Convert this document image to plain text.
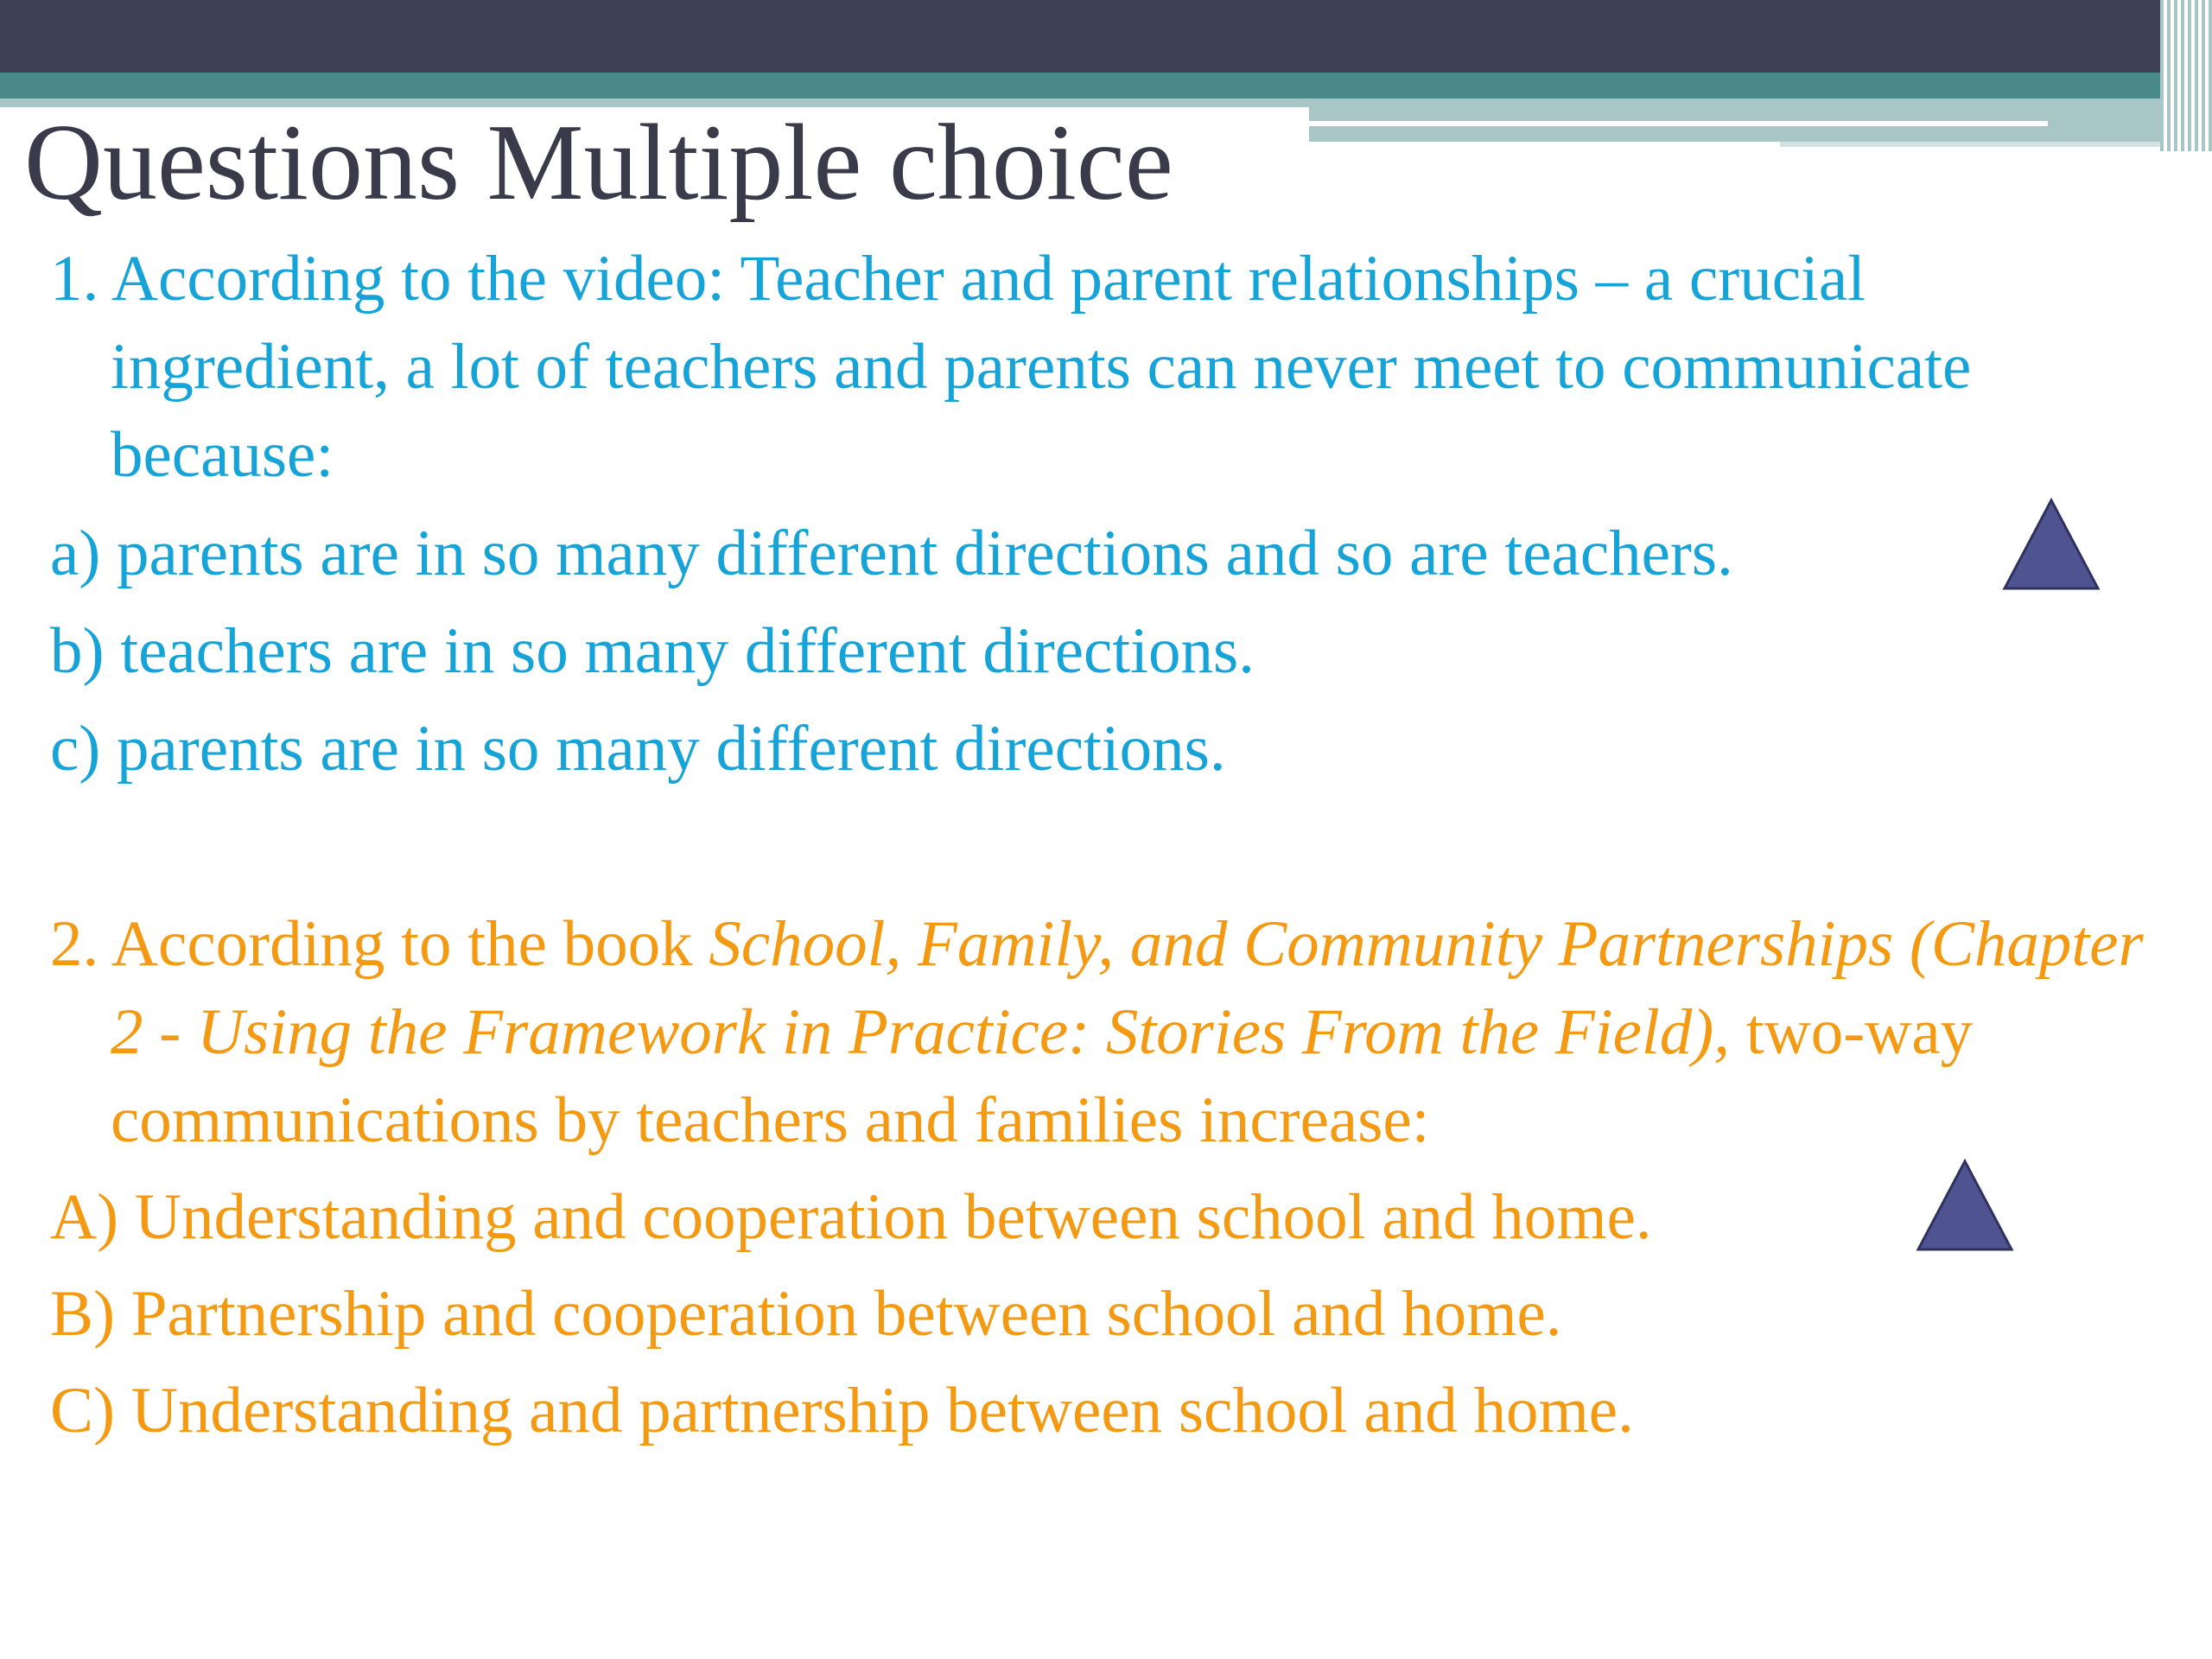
Questions Multiple choice

1. According to the video: Teacher and parent relationships – a crucial ingredient, a lot of teachers and parents can never meet to communicate because:

a) parents are in so many different directions and so are teachers.

b) teachers are in so many different directions.

c) parents are in so many different directions.

2. According to the book School, Family, and Community Partnerships (Chapter 2 - Using the Framework in Practice: Stories From the Field), two-way communications by teachers and families increase:

A) Understanding and cooperation between school and home.

B) Partnership and cooperation between school and home.

C) Understanding and partnership between school and home.
